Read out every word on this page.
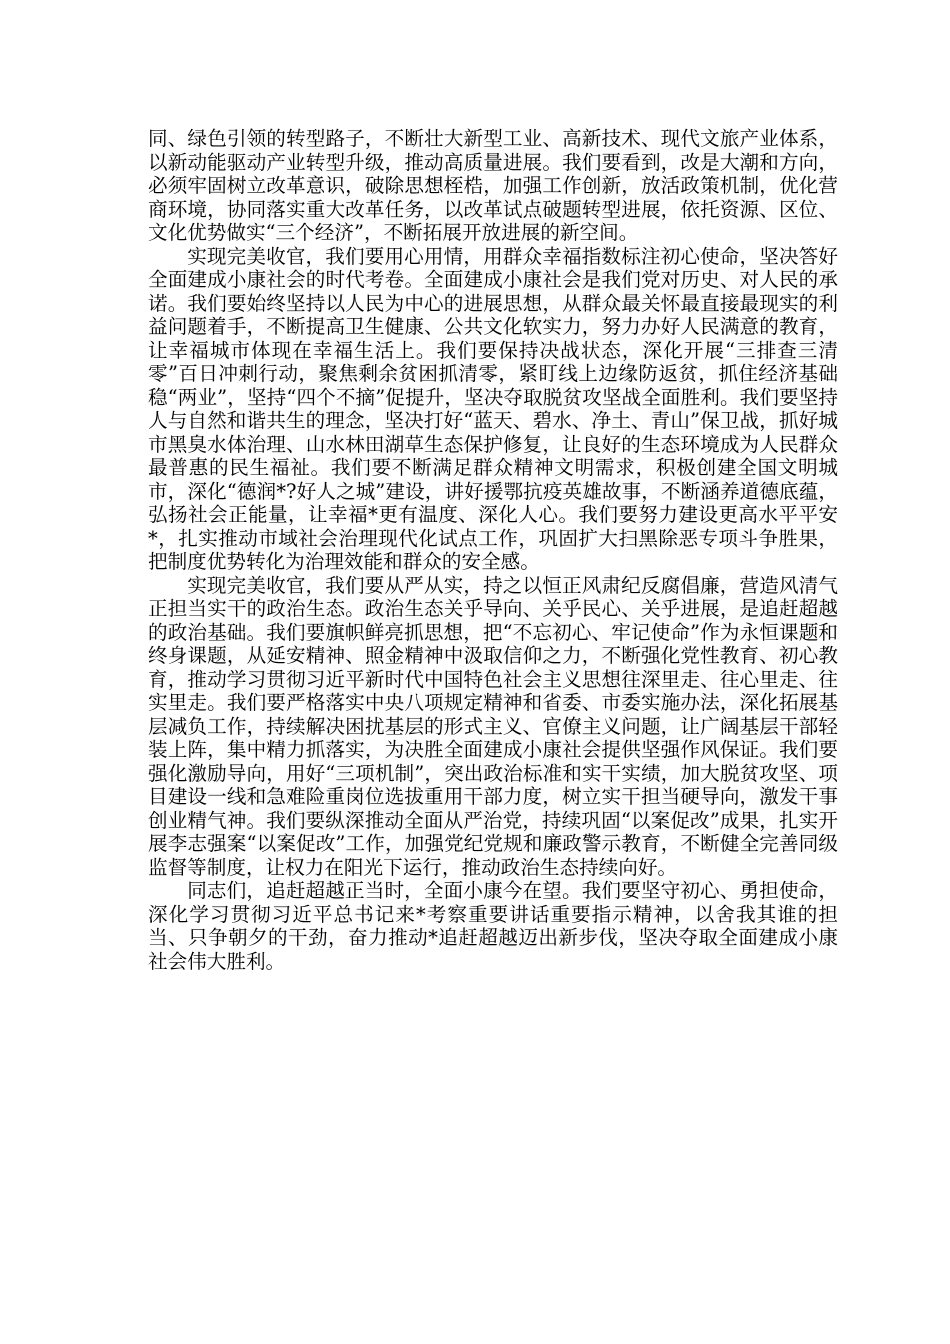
同、绿色引领的转型路子，不断壮大新型工业、高新技术、现代文旅产业体系，以新动能驱动产业转型升级，推动高质量进展。我们要看到，改是大潮和方向，必须牢固树立改革意识，破除思想桎梏，加强工作创新，放活政策机制，优化营商环境，协同落实重大改革任务，以改革试点破题转型进展，依托资源、区位、文化优势做实“三个经济”，不断拓展开放进展的新空间。

实现完美收官，我们要用心用情，用群众幸福指数标注初心使命，坚决答好全面建成小康社会的时代考卷。全面建成小康社会是我们党对历史、对人民的承诺。我们要始终坚持以人民为中心的进展思想，从群众最关怀最直接最现实的利益问题着手，不断提高卫生健康、公共文化软实力，努力办好人民满意的教育，让幸福城市体现在幸福生活上。我们要保持决战状态，深化开展“三排查三清零”百日冲刺行动，聚焦剩余贫困抓清零，紧盯线上边缘防返贫，抓住经济基础稳“两业”，坚持“四个不摘”促提升，坚决夺取脱贫攻坚战全面胜利。我们要坚持人与自然和谐共生的理念，坚决打好“蓝天、碧水、净土、青山”保卫战，抓好城市黑臭水体治理、山水林田湖草生态保护修复，让良好的生态环境成为人民群众最普惠的民生福祉。我们要不断满足群众精神文明需求，积极创建全国文明城市，深化“德润*?好人之城”建设，讲好援鄂抗疫英雄故事，不断涵养道德底蕴，弘扬社会正能量，让幸福*更有温度、深化人心。我们要努力建设更高水平平安*，扎实推动市域社会治理现代化试点工作，巩固扩大扫黑除恶专项斗争胜果，把制度优势转化为治理效能和群众的安全感。

实现完美收官，我们要从严从实，持之以恒正风肃纪反腐倡廉，营造风清气正担当实干的政治生态。政治生态关乎导向、关乎民心、关乎进展，是追赶超越的政治基础。我们要旗帜鲜亮抓思想，把“不忘初心、牢记使命”作为永恒课题和终身课题，从延安精神、照金精神中汲取信仰之力，不断强化党性教育、初心教育，推动学习贯彻习近平新时代中国特色社会主义思想往深里走、往心里走、往实里走。我们要严格落实中央八项规定精神和省委、市委实施办法，深化拓展基层减负工作，持续解决困扰基层的形式主义、官僚主义问题，让广阔基层干部轻装上阵，集中精力抓落实，为决胜全面建成小康社会提供坚强作风保证。我们要强化激励导向，用好“三项机制”，突出政治标准和实干实绩，加大脱贫攻坚、项目建设一线和急难险重岗位选拔重用干部力度，树立实干担当硬导向，激发干事创业精气神。我们要纵深推动全面从严治党，持续巩固“以案促改”成果，扎实开展李志强案“以案促改”工作，加强党纪党规和廉政警示教育，不断健全完善同级监督等制度，让权力在阳光下运行，推动政治生态持续向好。

同志们，追赶超越正当时，全面小康今在望。我们要坚守初心、勇担使命，深化学习贯彻习近平总书记来*考察重要讲话重要指示精神，以舍我其谁的担当、只争朝夕的干劲，奋力推动*追赶超越迈出新步伐，坚决夺取全面建成小康社会伟大胜利。
